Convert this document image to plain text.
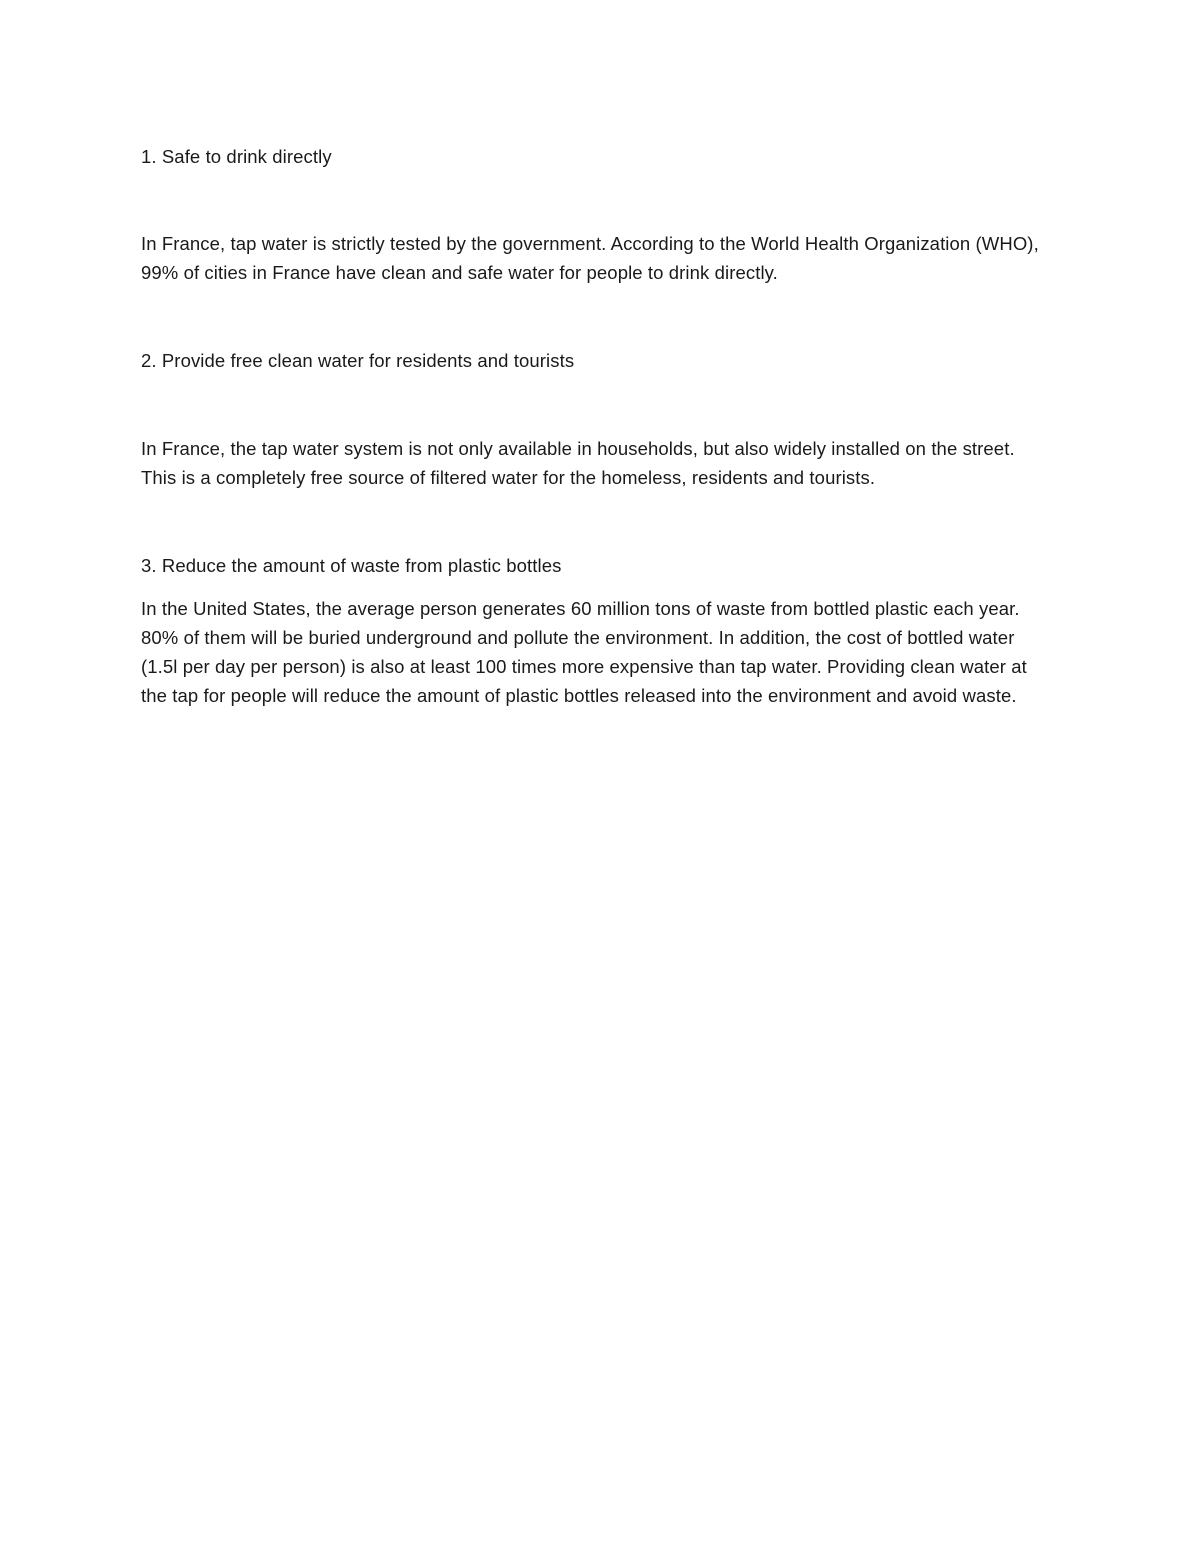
1. Safe to drink directly

In France, tap water is strictly tested by the government. According to the World Health Organization (WHO), 99% of cities in France have clean and safe water for people to drink directly.

2. Provide free clean water for residents and tourists

In France, the tap water system is not only available in households, but also widely installed on the street. This is a completely free source of filtered water for the homeless, residents and tourists.

3. Reduce the amount of waste from plastic bottles

In the United States, the average person generates 60 million tons of waste from bottled plastic each year. 80% of them will be buried underground and pollute the environment. In addition, the cost of bottled water (1.5l per day per person) is also at least 100 times more expensive than tap water. Providing clean water at the tap for people will reduce the amount of plastic bottles released into the environment and avoid waste.
